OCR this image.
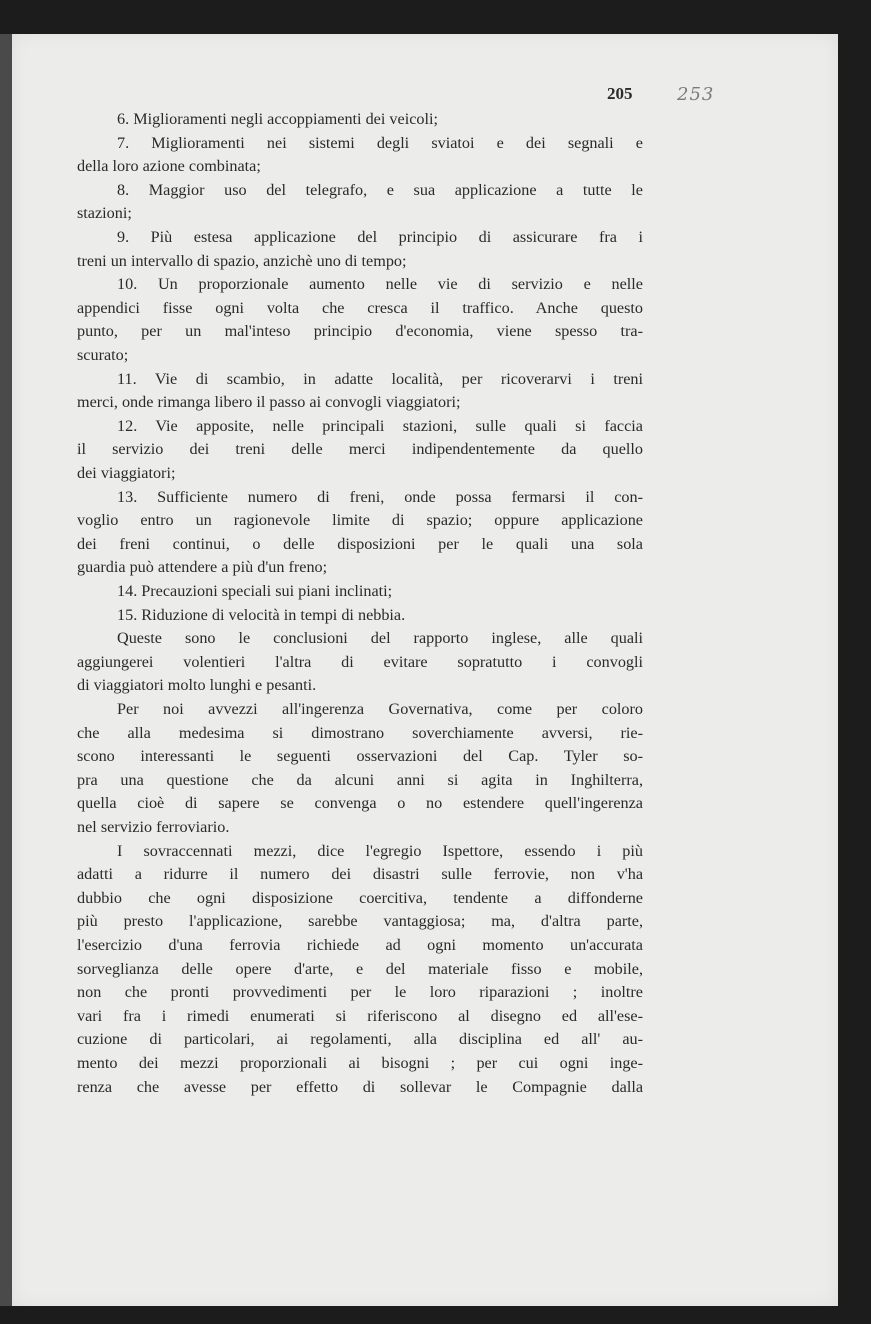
205 253

6. Miglioramenti negli accoppiamenti dei veicoli;
7. Miglioramenti nei sistemi degli sviatoi e dei segnali e
della loro azione combinata;
8. Maggior uso del telegrafo, e sua applicazione a tutte le
stazioni;
9. Più estesa applicazione del principio di assicurare fra i
treni un intervallo di spazio, anzichè uno di tempo;
10. Un proporzionale aumento nelle vie di servizio e nelle
appendici fisse ogni volta che cresca il traffico. Anche questo
punto, per un mal'inteso principio d'economia, viene spesso tra-
scurato;
11. Vie di scambio, in adatte località, per ricoverarvi i treni
merci, onde rimanga libero il passo ai convogli viaggiatori;
12. Vie apposite, nelle principali stazioni, sulle quali si faccia
il servizio dei treni delle merci indipendentemente da quello
dei viaggiatori;
13. Sufficiente numero di freni, onde possa fermarsi il con-
voglio entro un ragionevole limite di spazio; oppure applicazione
dei freni continui, o delle disposizioni per le quali una sola
guardia può attendere a più d'un freno;
14. Precauzioni speciali sui piani inclinati;
15. Riduzione di velocità in tempi di nebbia.
Queste sono le conclusioni del rapporto inglese, alle quali
aggiungerei volentieri l'altra di evitare sopratutto i convogli
di viaggiatori molto lunghi e pesanti.
Per noi avvezzi all'ingerenza Governativa, come per coloro
che alla medesima si dimostrano soverchiamente avversi, rie-
scono interessanti le seguenti osservazioni del Cap. Tyler so-
pra una questione che da alcuni anni si agita in Inghilterra,
quella cioè di sapere se convenga o no estendere quell'ingerenza
nel servizio ferroviario.
I sovraccennati mezzi, dice l'egregio Ispettore, essendo i più
adatti a ridurre il numero dei disastri sulle ferrovie, non v'ha
dubbio che ogni disposizione coercitiva, tendente a diffonderne
più presto l'applicazione, sarebbe vantaggiosa; ma, d'altra parte,
l'esercizio d'una ferrovia richiede ad ogni momento un'accurata
sorveglianza delle opere d'arte, e del materiale fisso e mobile,
non che pronti provvedimenti per le loro riparazioni ; inoltre
vari fra i rimedi enumerati si riferiscono al disegno ed all'ese-
cuzione di particolari, ai regolamenti, alla disciplina ed all' au-
mento dei mezzi proporzionali ai bisogni ; per cui ogni inge-
renza che avesse per effetto di sollevar le Compagnie dalla
